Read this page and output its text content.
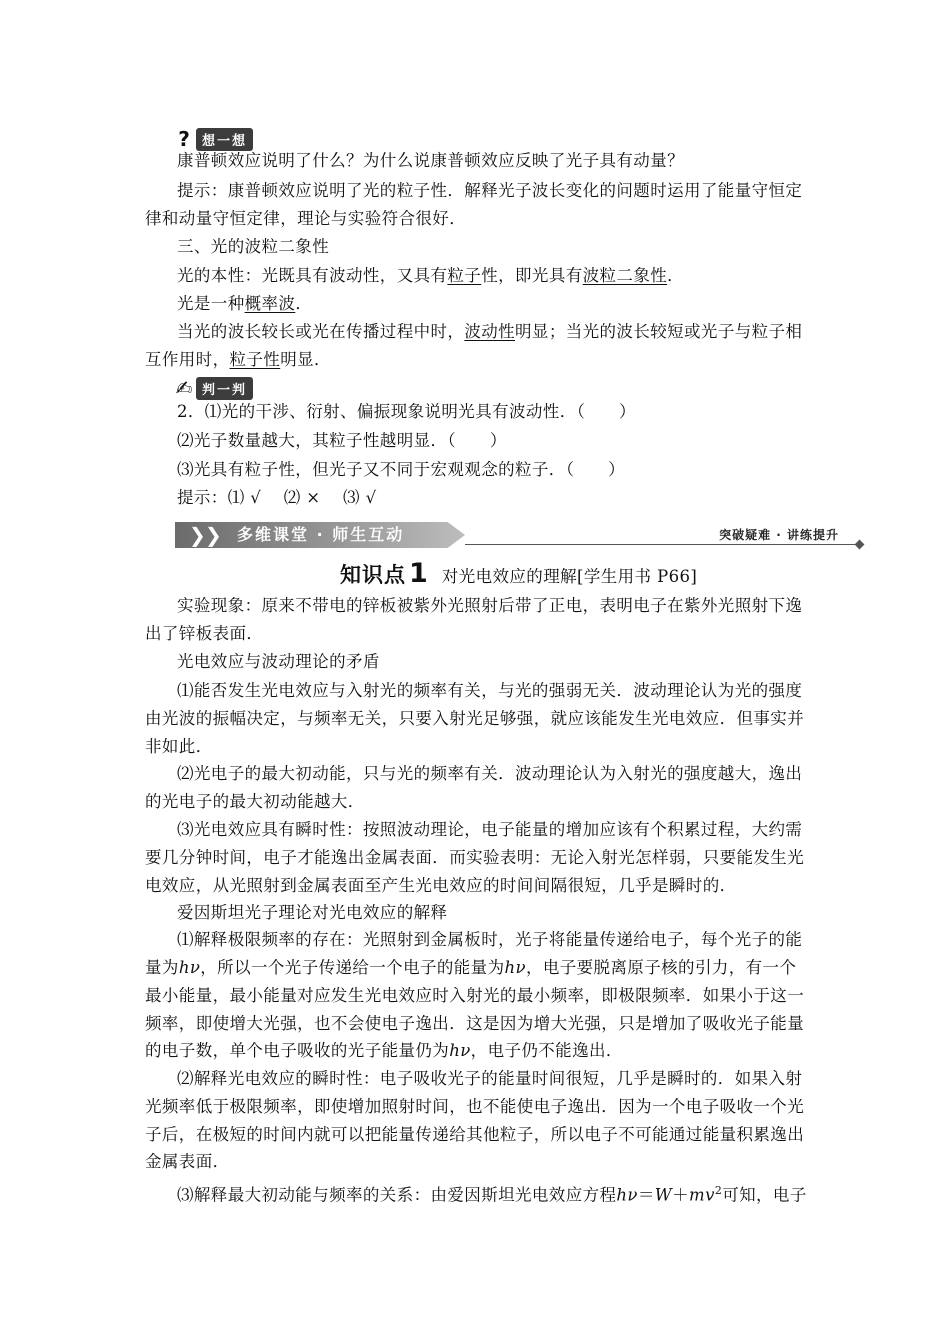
? 想一想
康普顿效应说明了什么？为什么说康普顿效应反映了光子具有动量？
提示：康普顿效应说明了光的粒子性．解释光子波长变化的问题时运用了能量守恒定
律和动量守恒定律，理论与实验符合很好．
三、光的波粒二象性
光的本性：光既具有波动性，又具有粒子性，即光具有波粒二象性．
光是一种概率波．
当光的波长较长或光在传播过程中时，波动性明显；当光的波长较短或光子与粒子相
互作用时，粒子性明显．
✍ 判一判
2．⑴光的干涉、衍射、偏振现象说明光具有波动性．（　　）
⑵光子数量越大，其粒子性越明显．（　　）
⑶光具有粒子性，但光子又不同于宏观观念的粒子．（　　）
提示：⑴ √　 ⑵ ×　 ⑶ √
❯ ❯ 多维课堂 · 师生互动	突破疑难 · 讲练提升
知识点 1 对光电效应的理解[学生用书 P66]
实验现象：原来不带电的锌板被紫外光照射后带了正电，表明电子在紫外光照射下逸
出了锌板表面．
光电效应与波动理论的矛盾
⑴能否发生光电效应与入射光的频率有关，与光的强弱无关．波动理论认为光的强度
由光波的振幅决定，与频率无关，只要入射光足够强，就应该能发生光电效应．但事实并
非如此．
⑵光电子的最大初动能，只与光的频率有关．波动理论认为入射光的强度越大，逸出
的光电子的最大初动能越大．
⑶光电效应具有瞬时性：按照波动理论，电子能量的增加应该有个积累过程，大约需
要几分钟时间，电子才能逸出金属表面．而实验表明：无论入射光怎样弱，只要能发生光
电效应，从光照射到金属表面至产生光电效应的时间间隔很短，几乎是瞬时的．
爱因斯坦光子理论对光电效应的解释
⑴解释极限频率的存在：光照射到金属板时，光子将能量传递给电子，每个光子的能
量为hν，所以一个光子传递给一个电子的能量为hν，电子要脱离原子核的引力，有一个
最小能量，最小能量对应发生光电效应时入射光的最小频率，即极限频率．如果小于这一
频率，即使增大光强，也不会使电子逸出．这是因为增大光强，只是增加了吸收光子能量
的电子数，单个电子吸收的光子能量仍为hν，电子仍不能逸出．
⑵解释光电效应的瞬时性：电子吸收光子的能量时间很短，几乎是瞬时的．如果入射
光频率低于极限频率，即使增加照射时间，也不能使电子逸出．因为一个电子吸收一个光
子后，在极短的时间内就可以把能量传递给其他粒子，所以电子不可能通过能量积累逸出
金属表面．
⑶解释最大初动能与频率的关系：由爱因斯坦光电效应方程$h\nu=W+mv^2$可知，电子
